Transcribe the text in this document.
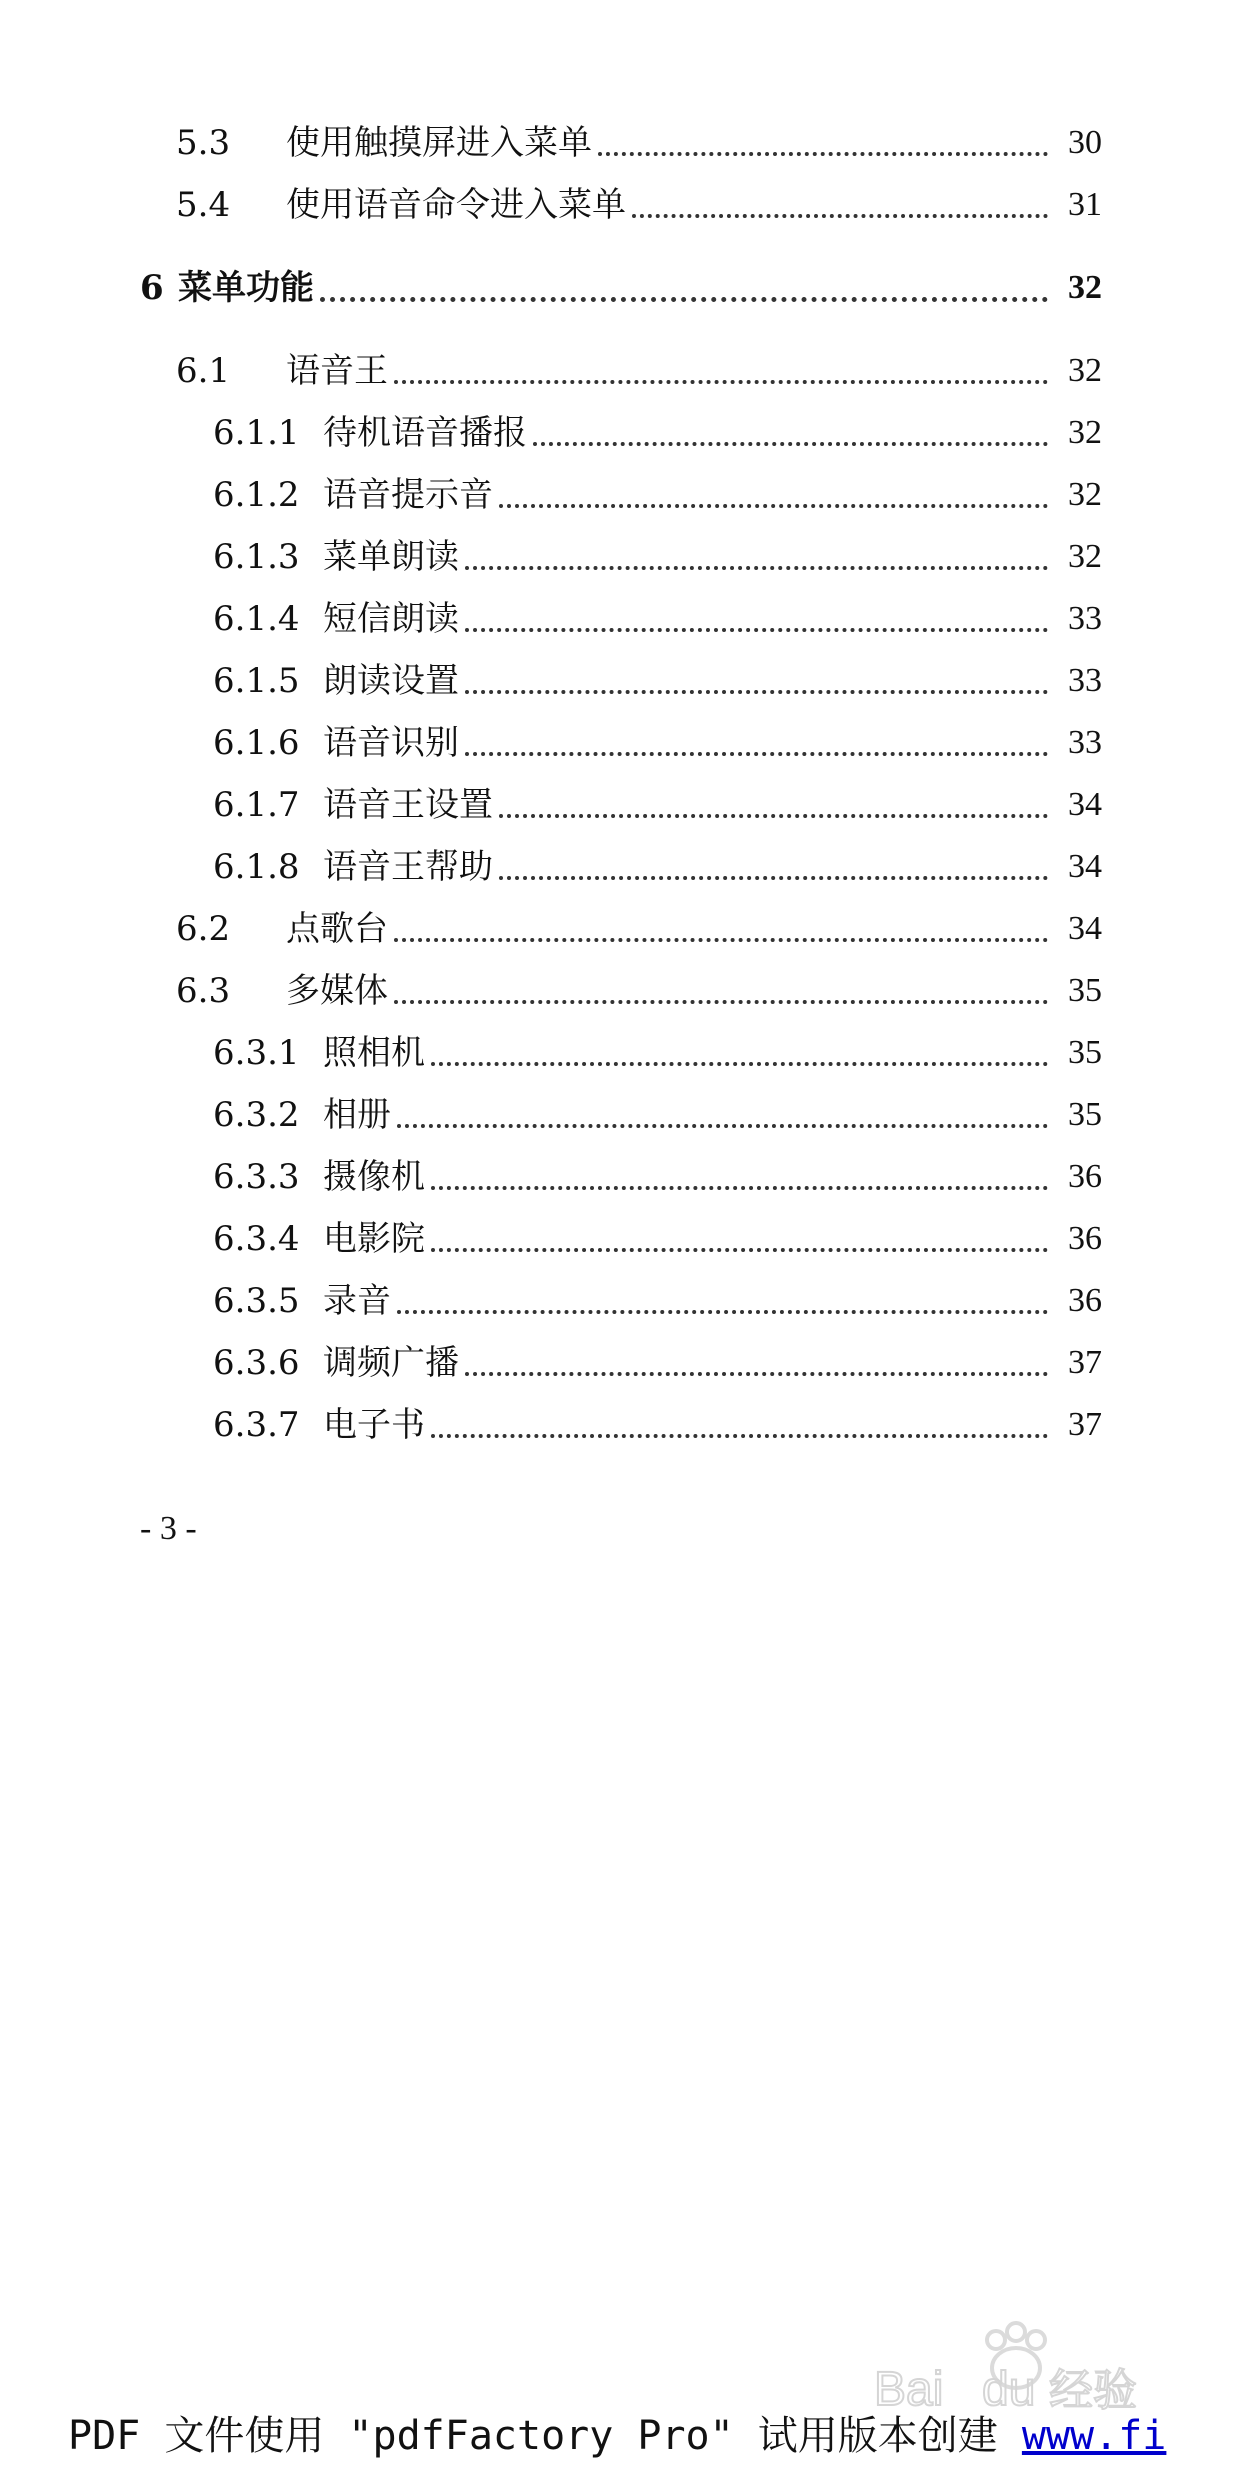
5.3	使用触摸屏进入菜单	30
5.4	使用语音命令进入菜单	31
6 菜单功能	32
6.1	语音王	32
6.1.1 待机语音播报	32
6.1.2 语音提示音	32
6.1.3 菜单朗读	32
6.1.4 短信朗读	33
6.1.5 朗读设置	33
6.1.6 语音识别	33
6.1.7 语音王设置	34
6.1.8 语音王帮助	34
6.2	点歌台	34
6.3	多媒体	35
6.3.1 照相机	35
6.3.2 相册	35
6.3.3 摄像机	36
6.3.4 电影院	36
6.3.5 录音	36
6.3.6 调频广播	37
6.3.7 电子书	37
- 3 -
Bai du 经验
PDF 文件使用 "pdfFactory Pro" 试用版本创建 www.fi
